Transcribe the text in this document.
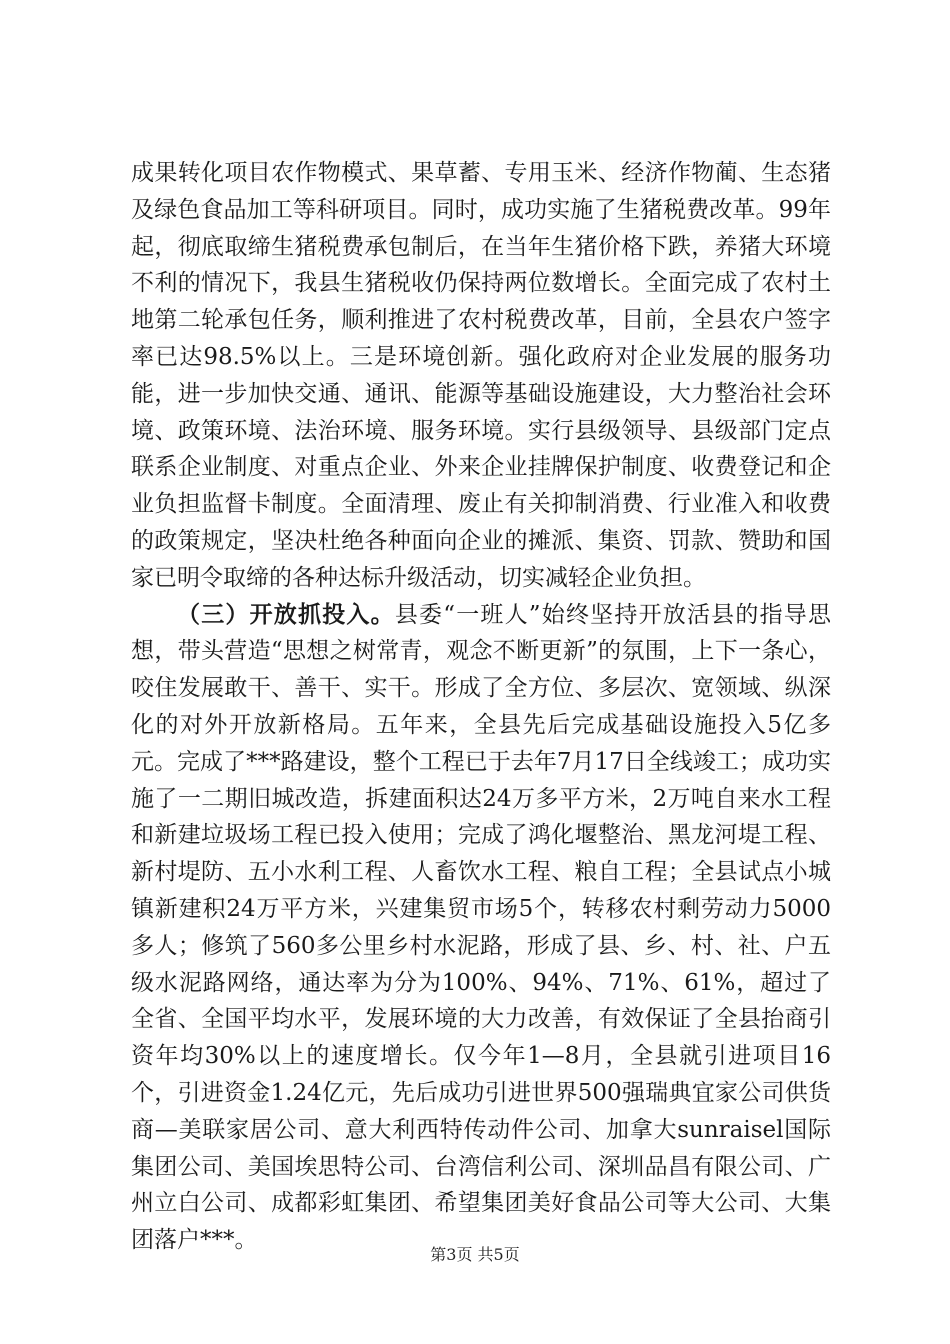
成果转化项目农作物模式、果草蓄、专用玉米、经济作物蔺、生态猪及绿色食品加工等科研项目。同时，成功实施了生猪税费改革。99年起，彻底取缔生猪税费承包制后，在当年生猪价格下跌，养猪大环境不利的情况下，我县生猪税收仍保持两位数增长。全面完成了农村土地第二轮承包任务，顺利推进了农村税费改革，目前，全县农户签字率已达98.5%以上。三是环境创新。强化政府对企业发展的服务功能，进一步加快交通、通讯、能源等基础设施建设，大力整治社会环境、政策环境、法治环境、服务环境。实行县级领导、县级部门定点联系企业制度、对重点企业、外来企业挂牌保护制度、收费登记和企业负担监督卡制度。全面清理、废止有关抑制消费、行业准入和收费的政策规定，坚决杜绝各种面向企业的摊派、集资、罚款、赞助和国家已明令取缔的各种达标升级活动，切实减轻企业负担。

（三）开放抓投入。县委“一班人”始终坚持开放活县的指导思想，带头营造“思想之树常青，观念不断更新”的氛围，上下一条心，咬住发展敢干、善干、实干。形成了全方位、多层次、宽领域、纵深化的对外开放新格局。五年来，全县先后完成基础设施投入5亿多元。完成了***路建设，整个工程已于去年7月17日全线竣工；成功实施了一二期旧城改造，拆建面积达24万多平方米，2万吨自来水工程和新建垃圾场工程已投入使用；完成了鸿化堰整治、黑龙河堤工程、新村堤防、五小水利工程、人畜饮水工程、粮自工程；全县试点小城镇新建积24万平方米，兴建集贸市场5个，转移农村剩劳动力5000多人；修筑了560多公里乡村水泥路，形成了县、乡、村、社、户五级水泥路网络，通达率为分为100%、94%、71%、61%，超过了全省、全国平均水平，发展环境的大力改善，有效保证了全县抬商引资年均30%以上的速度增长。仅今年1—8月，全县就引进项目16个，引进资金1.24亿元，先后成功引进世界500强瑞典宜家公司供货商—美联家居公司、意大利西特传动件公司、加拿大sunraisel国际集团公司、美国埃思特公司、台湾信利公司、深圳品昌有限公司、广州立白公司、成都彩虹集团、希望集团美好食品公司等大公司、大集团落户***。

第3页 共5页
